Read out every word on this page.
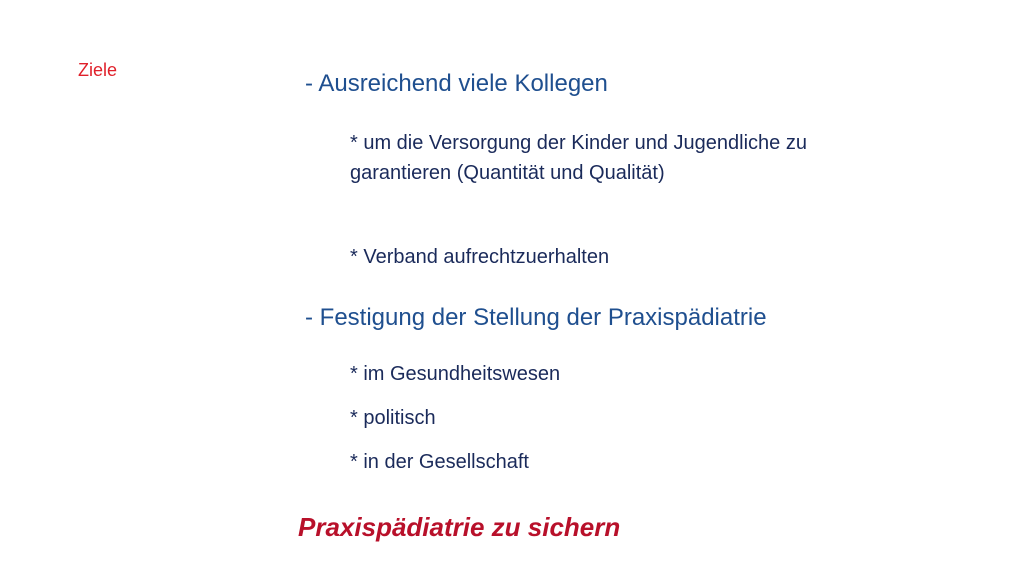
Ziele	- Ausreichend viele Kollegen
* um die Versorgung der Kinder und Jugendliche zu garantieren (Quantität und Qualität)
* Verband aufrechtzuerhalten
- Festigung der Stellung der Praxispädiatrie
* im Gesundheitswesen
* politisch
* in der Gesellschaft
Praxispädiatrie zu sichern
